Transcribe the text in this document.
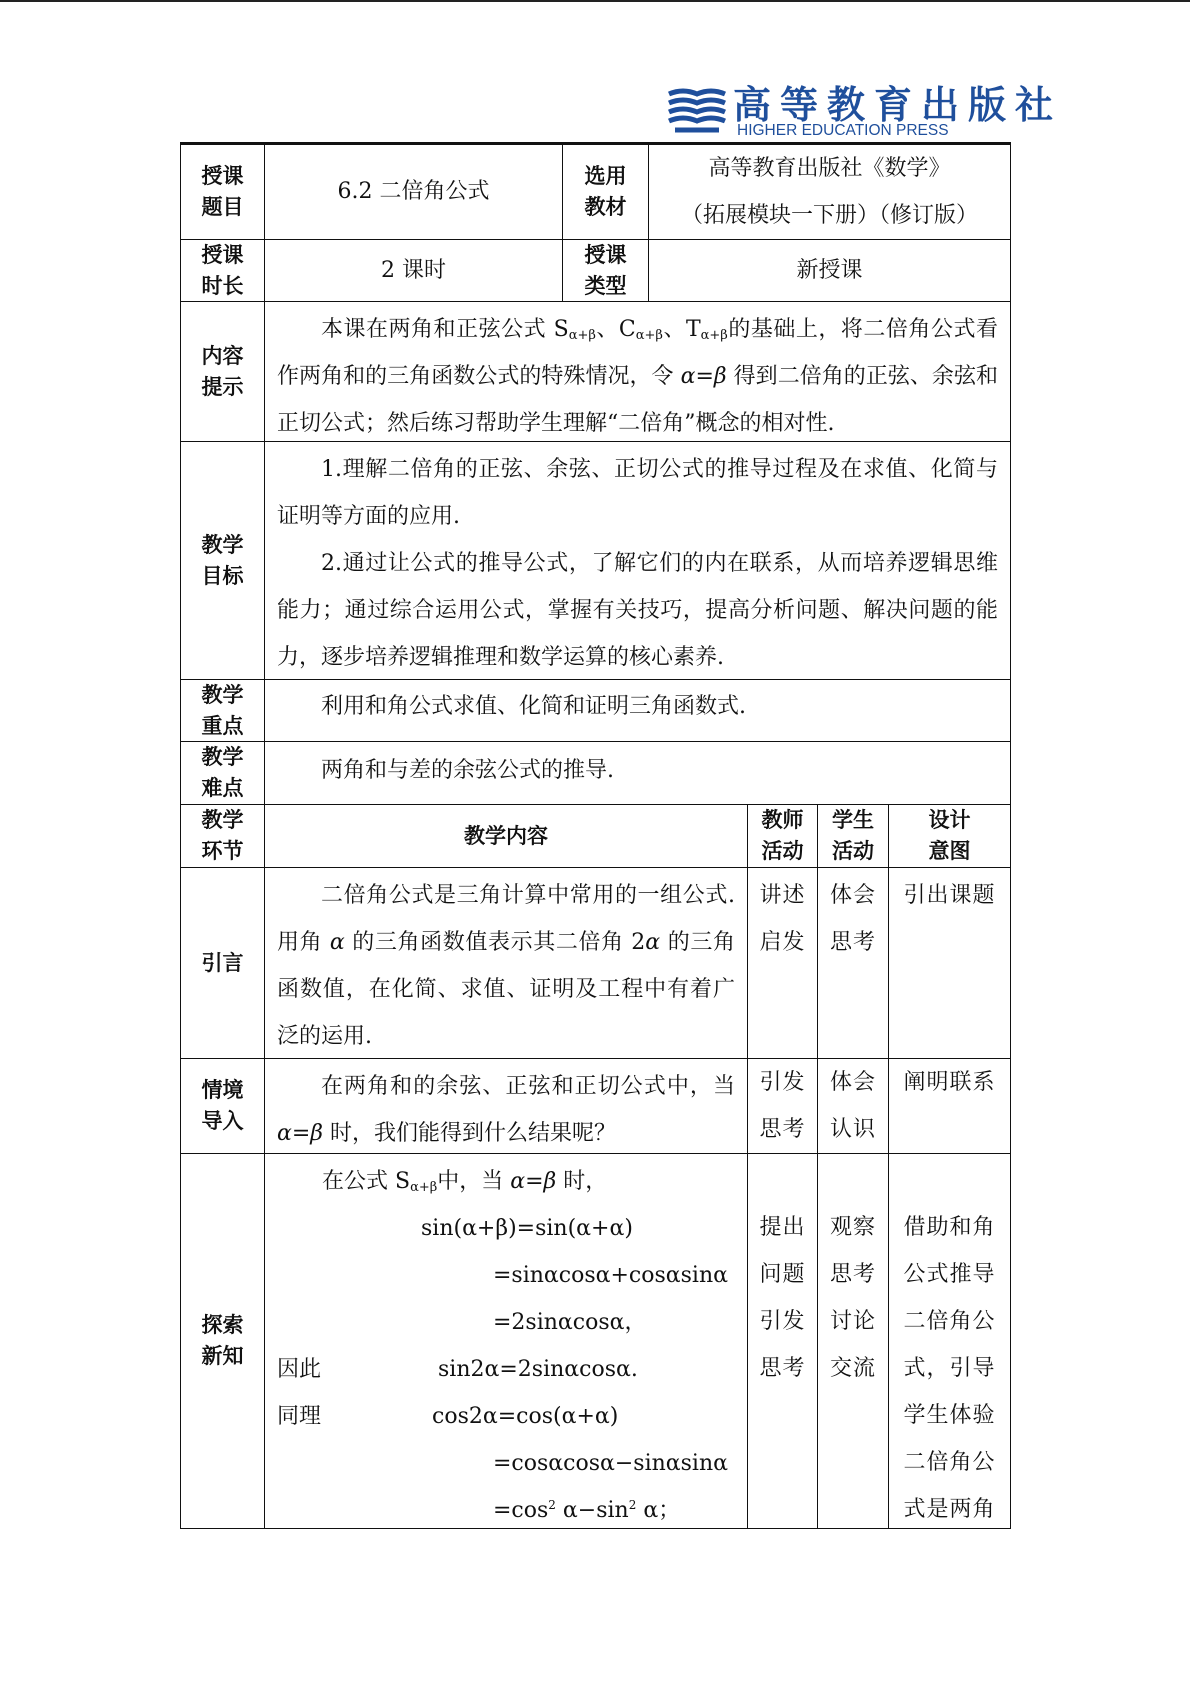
高等教育出版社
HIGHER EDUCATION PRESS
授课
题目
6.2 二倍角公式
选用
教材
高等教育出版社《数学》
（拓展模块一下册）（修订版）
授课
时长
2 课时
授课
类型
新授课
内容
提示

本课在两角和正弦公式 $S_{\alpha+\beta}$、$C_{\alpha+\beta}$、$T_{\alpha+\beta}$的基础上，将二倍角公式看作两角和的三角函数公式的特殊情况，令 α=β 得到二倍角的正弦、余弦和正切公式；然后练习帮助学生理解“二倍角”概念的相对性.

教学
目标

1.理解二倍角的正弦、余弦、正切公式的推导过程及在求值、化简与证明等方面的应用.

2.通过让公式的推导公式，了解它们的内在联系，从而培养逻辑思维能力；通过综合运用公式，掌握有关技巧，提高分析问题、解决问题的能力，逐步培养逻辑推理和数学运算的核心素养.

教学
重点

利用和角公式求值、化简和证明三角函数式.

教学
难点

两角和与差的余弦公式的推导.

教学
环节
教学内容
教师
活动
学生
活动
设计
意图
引言

二倍角公式是三角计算中常用的一组公式. 用角 α 的三角函数值表示其二倍角 2α 的三角函数值，在化简、求值、证明及工程中有着广泛的运用.

讲述
启发
体会
思考
引出课题
情境
导入

在两角和的余弦、正弦和正切公式中，当 α=β 时，我们能得到什么结果呢？

引发
思考
体会
认识
阐明联系
探索
新知
在公式 $S_{\alpha+\beta}$中，当 α=β 时，
sin(α+β)=sin(α+α)
=sinαcosα+cosαsinα
=2sinαcosα，
因此	sin2α=2sinαcosα.
同理	cos2α=cos(α+α)
=cosαcosα−sinαsinα
$=\cos^2$ $\alpha-\sin^2$ α；
提出
问题
引发
思考
观察
思考
讨论
交流
借助和角
公式推导
二倍角公
式，引导
学生体验
二倍角公
式是两角
